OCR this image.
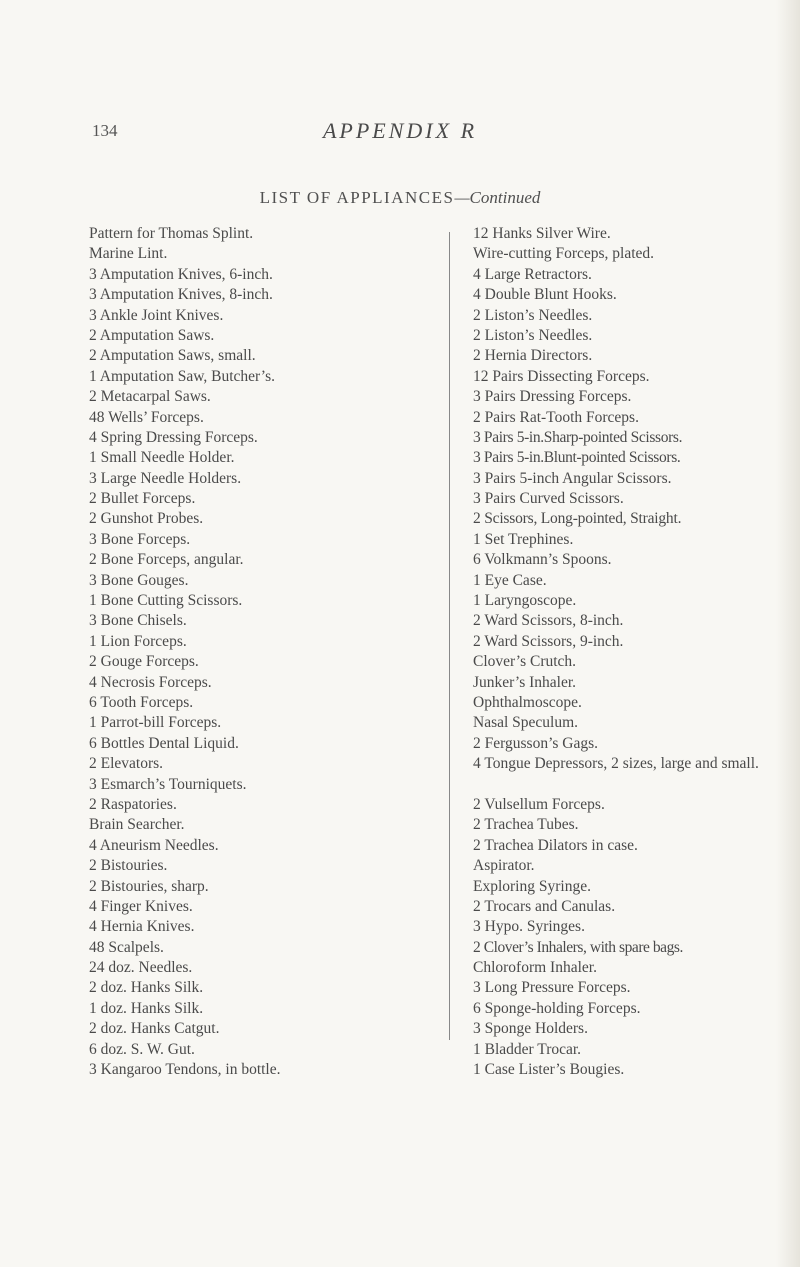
134	APPENDIX R
LIST OF APPLIANCES—Continued
Pattern for Thomas Splint.
Marine Lint.
3 Amputation Knives, 6-inch.
3 Amputation Knives, 8-inch.
3 Ankle Joint Knives.
2 Amputation Saws.
2 Amputation Saws, small.
1 Amputation Saw, Butcher’s.
2 Metacarpal Saws.
48 Wells’ Forceps.
4 Spring Dressing Forceps.
1 Small Needle Holder.
3 Large Needle Holders.
2 Bullet Forceps.
2 Gunshot Probes.
3 Bone Forceps.
2 Bone Forceps, angular.
3 Bone Gouges.
1 Bone Cutting Scissors.
3 Bone Chisels.
1 Lion Forceps.
2 Gouge Forceps.
4 Necrosis Forceps.
6 Tooth Forceps.
1 Parrot-bill Forceps.
6 Bottles Dental Liquid.
2 Elevators.
3 Esmarch’s Tourniquets.
2 Raspatories.
Brain Searcher.
4 Aneurism Needles.
2 Bistouries.
2 Bistouries, sharp.
4 Finger Knives.
4 Hernia Knives.
48 Scalpels.
24 doz. Needles.
2 doz. Hanks Silk.
1 doz. Hanks Silk.
2 doz. Hanks Catgut.
6 doz. S. W. Gut.
3 Kangaroo Tendons, in bottle.
12 Hanks Silver Wire.
Wire-cutting Forceps, plated.
4 Large Retractors.
4 Double Blunt Hooks.
2 Liston’s Needles.
2 Liston’s Needles.
2 Hernia Directors.
12 Pairs Dissecting Forceps.
3 Pairs Dressing Forceps.
2 Pairs Rat-Tooth Forceps.
3 Pairs 5-in.Sharp-pointed Scissors.
3 Pairs 5-in.Blunt-pointed Scissors.
3 Pairs 5-inch Angular Scissors.
3 Pairs Curved Scissors.
2 Scissors, Long-pointed, Straight.
1 Set Trephines.
6 Volkmann’s Spoons.
1 Eye Case.
1 Laryngoscope.
2 Ward Scissors, 8-inch.
2 Ward Scissors, 9-inch.
Clover’s Crutch.
Junker’s Inhaler.
Ophthalmoscope.
Nasal Speculum.
2 Fergusson’s Gags.
4 Tongue Depressors, 2 sizes, large and small.
2 Vulsellum Forceps.
2 Trachea Tubes.
2 Trachea Dilators in case.
Aspirator.
Exploring Syringe.
2 Trocars and Canulas.
3 Hypo. Syringes.
2 Clover’s Inhalers, with spare bags.
Chloroform Inhaler.
3 Long Pressure Forceps.
6 Sponge-holding Forceps.
3 Sponge Holders.
1 Bladder Trocar.
1 Case Lister’s Bougies.
